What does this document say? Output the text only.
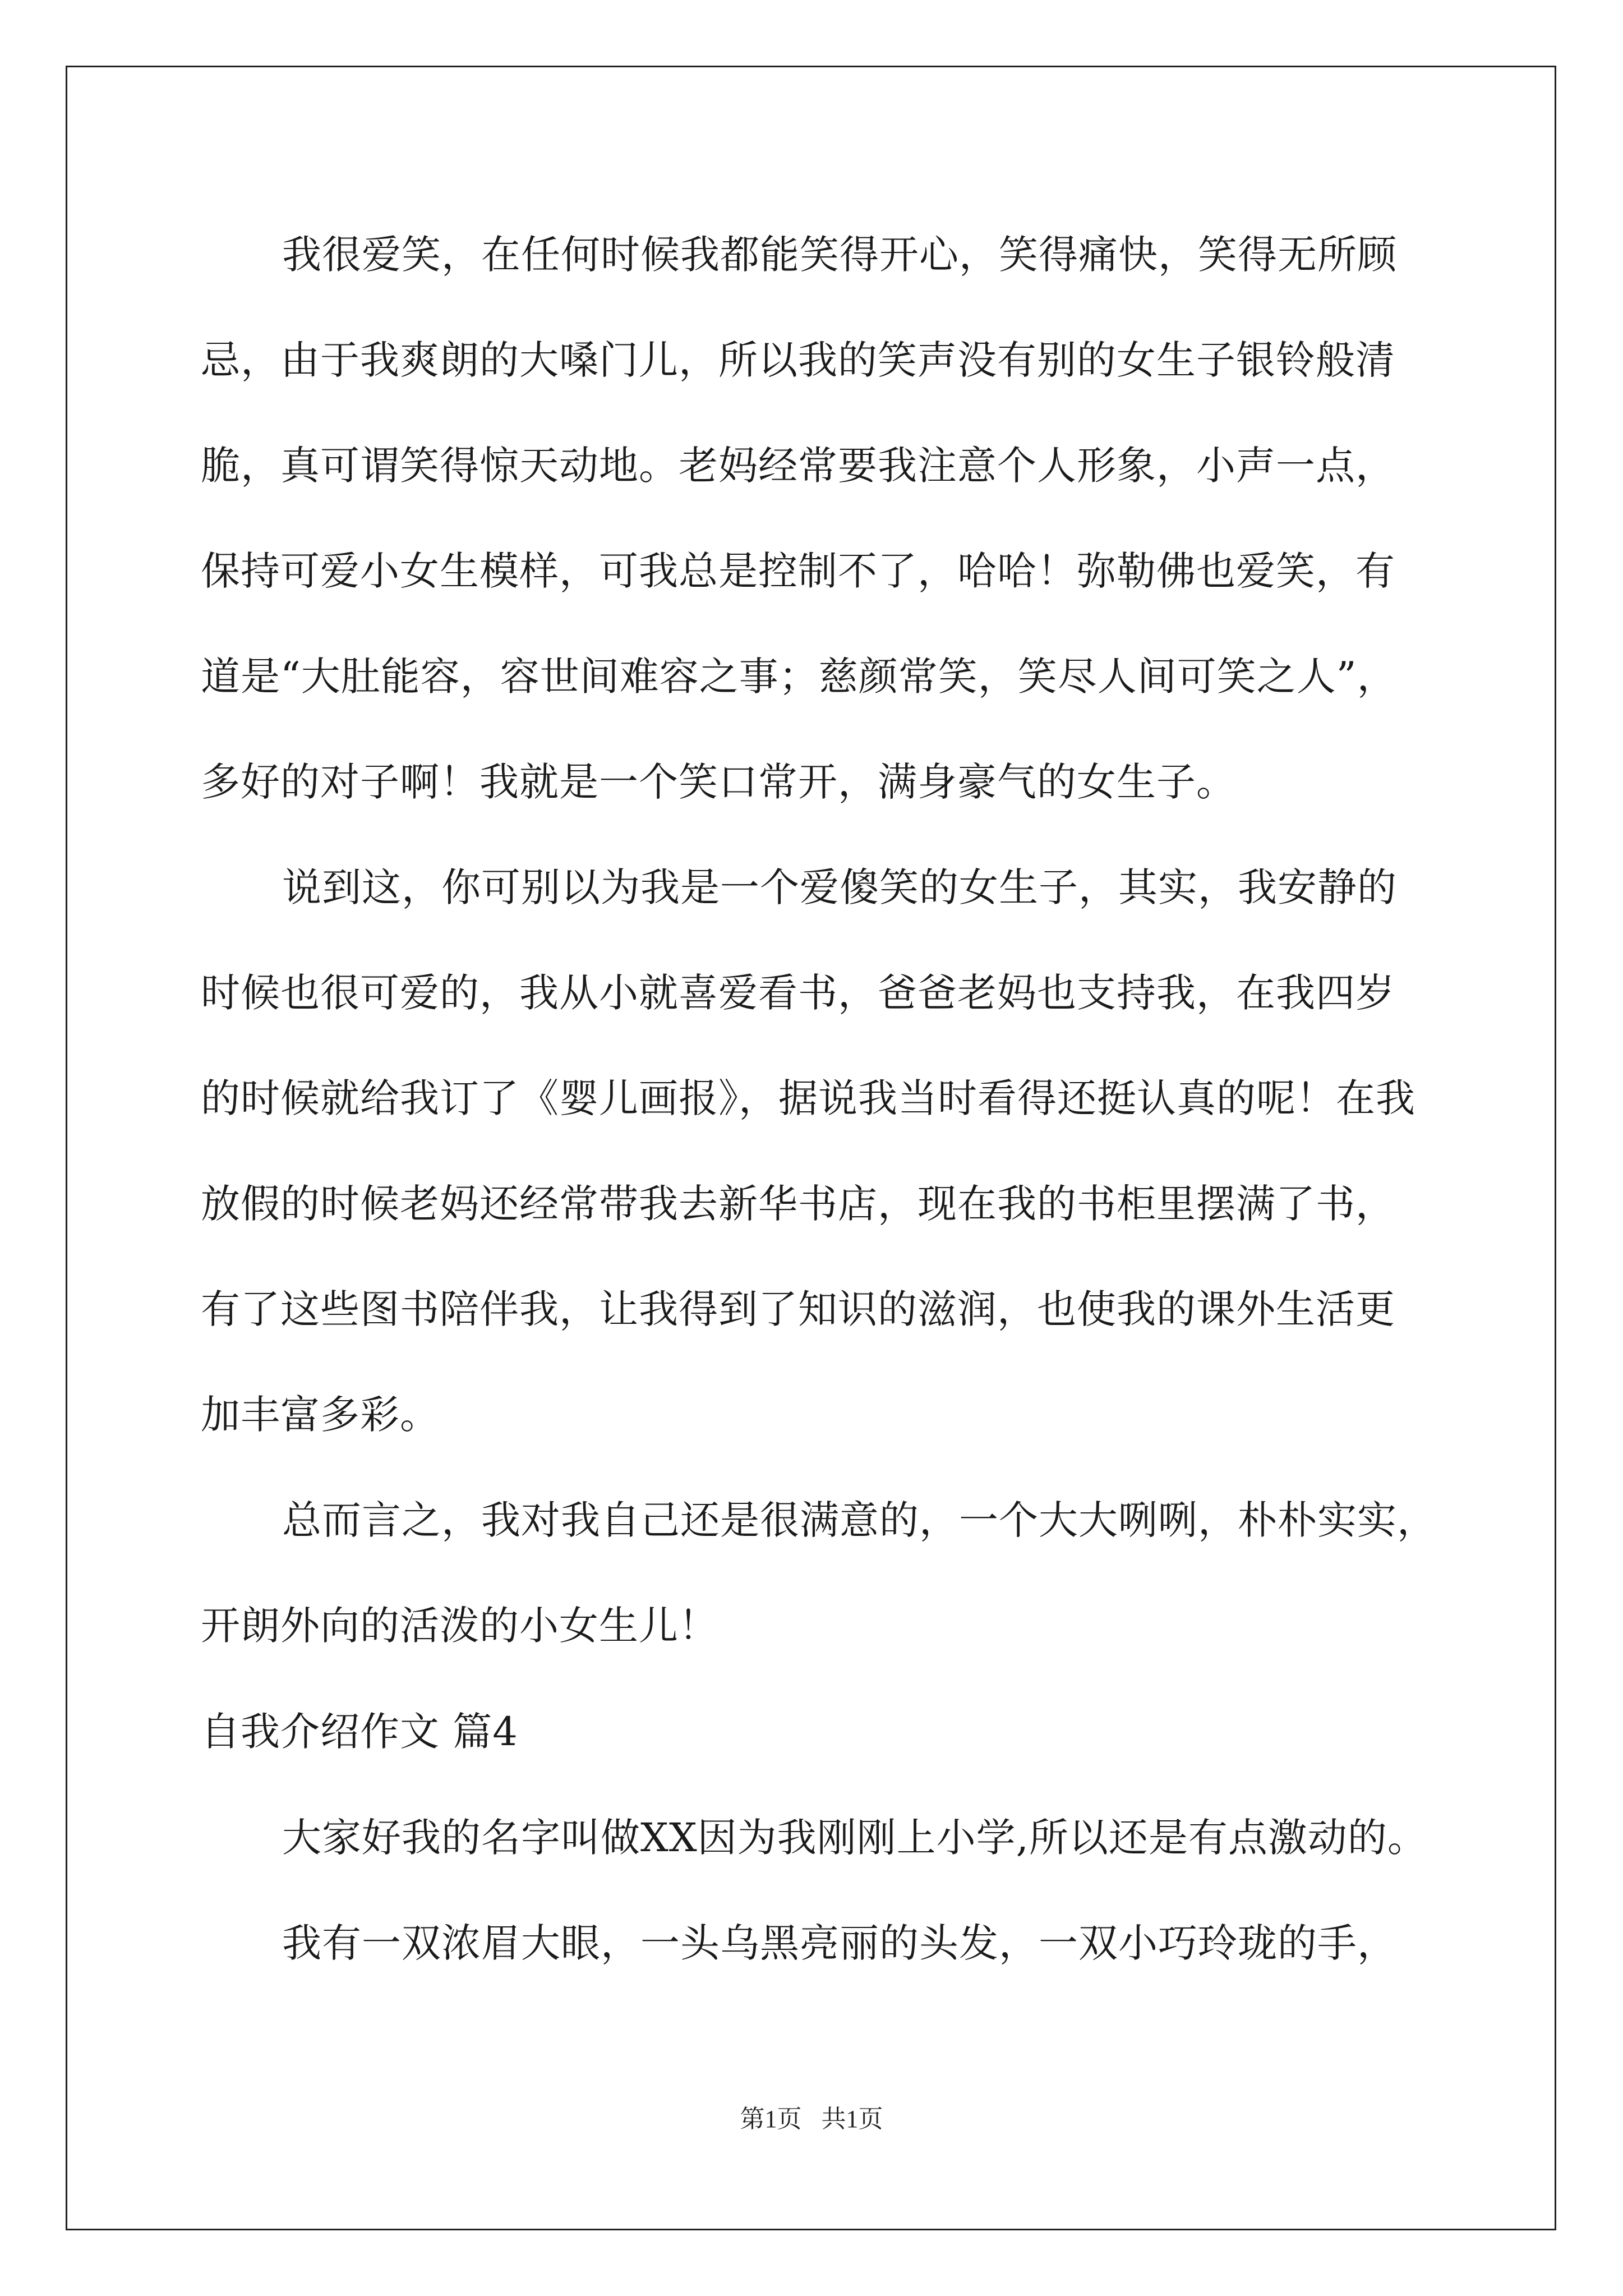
我很爱笑，在任何时候我都能笑得开心，笑得痛快，笑得无所顾
忌，由于我爽朗的大嗓门儿，所以我的笑声没有别的女生子银铃般清
脆，真可谓笑得惊天动地。老妈经常要我注意个人形象，小声一点，
保持可爱小女生模样，可我总是控制不了，哈哈！弥勒佛也爱笑，有
道是“大肚能容，容世间难容之事；慈颜常笑，笑尽人间可笑之人”，
多好的对子啊！我就是一个笑口常开，满身豪气的女生子。
说到这，你可别以为我是一个爱傻笑的女生子，其实，我安静的
时候也很可爱的，我从小就喜爱看书，爸爸老妈也支持我，在我四岁
的时候就给我订了《婴儿画报》，据说我当时看得还挺认真的呢！在我
放假的时候老妈还经常带我去新华书店，现在我的书柜里摆满了书，
有了这些图书陪伴我，让我得到了知识的滋润，也使我的课外生活更
加丰富多彩。
总而言之，我对我自己还是很满意的，一个大大咧咧，朴朴实实，
开朗外向的活泼的小女生儿！
自我介绍作文 篇4
大家好我的名字叫做XX因为我刚刚上小学,所以还是有点激动的。
我有一双浓眉大眼，一头乌黑亮丽的头发，一双小巧玲珑的手，
第1页 共1页
